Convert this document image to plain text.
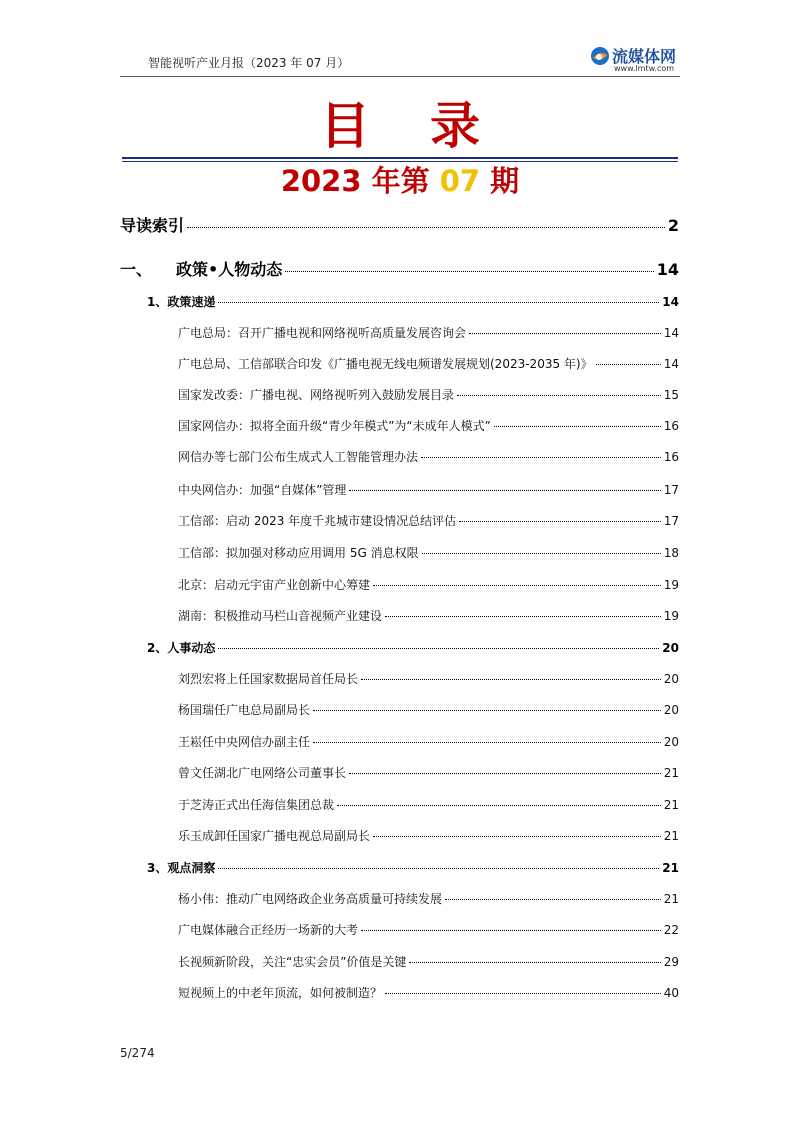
智能视听产业月报（2023 年 07 月）	流媒体网
www.lmtw.com
目录
2023 年第 07 期
导读索引	2
一、 政策•人物动态	14
1、政策速递	14
广电总局：召开广播电视和网络视听高质量发展咨询会	14
广电总局、工信部联合印发《广播电视无线电频谱发展规划(2023-2035 年)》	14
国家发改委：广播电视、网络视听列入鼓励发展目录	15
国家网信办：拟将全面升级“青少年模式”为“未成年人模式”	16
网信办等七部门公布生成式人工智能管理办法	16
中央网信办：加强“自媒体”管理	17
工信部：启动 2023 年度千兆城市建设情况总结评估	17
工信部：拟加强对移动应用调用 5G 消息权限	18
北京：启动元宇宙产业创新中心筹建	19
湖南：积极推动马栏山音视频产业建设	19
2、人事动态	20
刘烈宏将上任国家数据局首任局长	20
杨国瑞任广电总局副局长	20
王崧任中央网信办副主任	20
曾文任湖北广电网络公司董事长	21
于芝涛正式出任海信集团总裁	21
乐玉成卸任国家广播电视总局副局长	21
3、观点洞察	21
杨小伟：推动广电网络政企业务高质量可持续发展	21
广电媒体融合正经历一场新的大考	22
长视频新阶段，关注“忠实会员”价值是关键	29
短视频上的中老年顶流，如何被制造？	40
5/274
